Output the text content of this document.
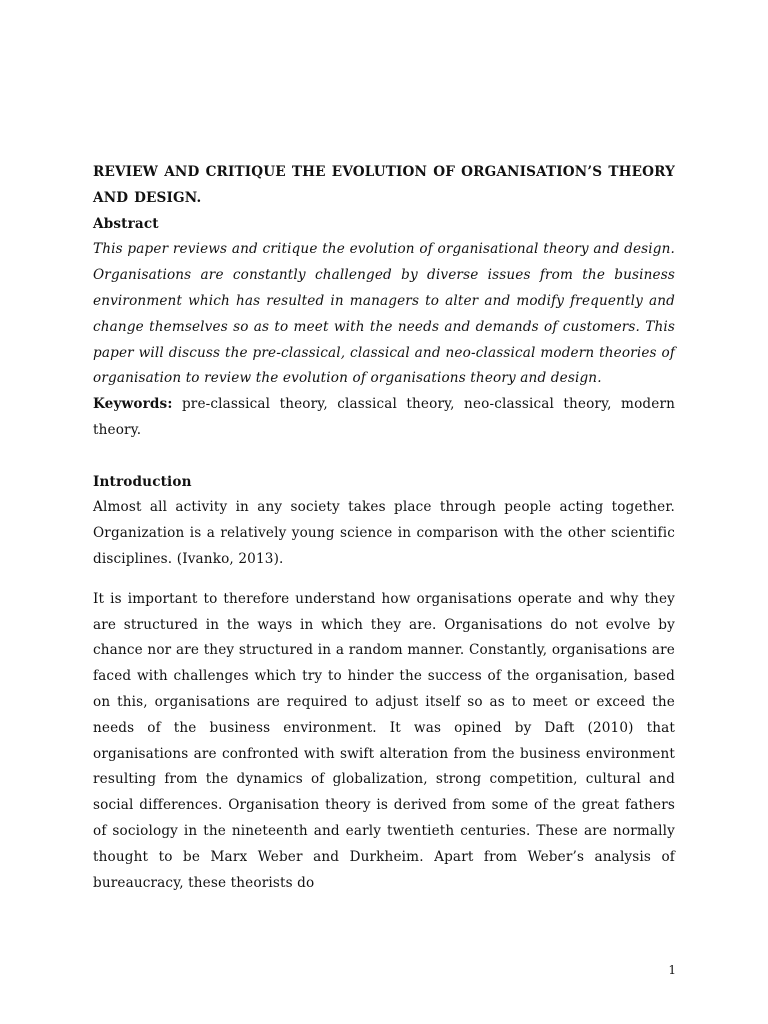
REVIEW AND CRITIQUE THE EVOLUTION OF ORGANISATION’S THEORY AND DESIGN.

Abstract

This paper reviews and critique the evolution of organisational theory and design. Organisations are constantly challenged by diverse issues from the business environment which has resulted in managers to alter and modify frequently and change themselves so as to meet with the needs and demands of customers. This paper will discuss the pre-classical, classical and neo-classical modern theories of organisation to review the evolution of organisations theory and design.

Keywords: pre-classical theory, classical theory, neo-classical theory, modern theory.

Introduction

Almost all activity in any society takes place through people acting together. Organization is a relatively young science in comparison with the other scientific disciplines. (Ivanko, 2013).

It is important to therefore understand how organisations operate and why they are structured in the ways in which they are. Organisations do not evolve by chance nor are they structured in a random manner. Constantly, organisations are faced with challenges which try to hinder the success of the organisation, based on this, organisations are required to adjust itself so as to meet or exceed the needs of the business environment. It was opined by Daft (2010) that organisations are confronted with swift alteration from the business environment resulting from the dynamics of globalization, strong competition, cultural and social differences. Organisation theory is derived from some of the great fathers of sociology in the nineteenth and early twentieth centuries. These are normally thought to be Marx Weber and Durkheim. Apart from Weber’s analysis of bureaucracy, these theorists do

1
